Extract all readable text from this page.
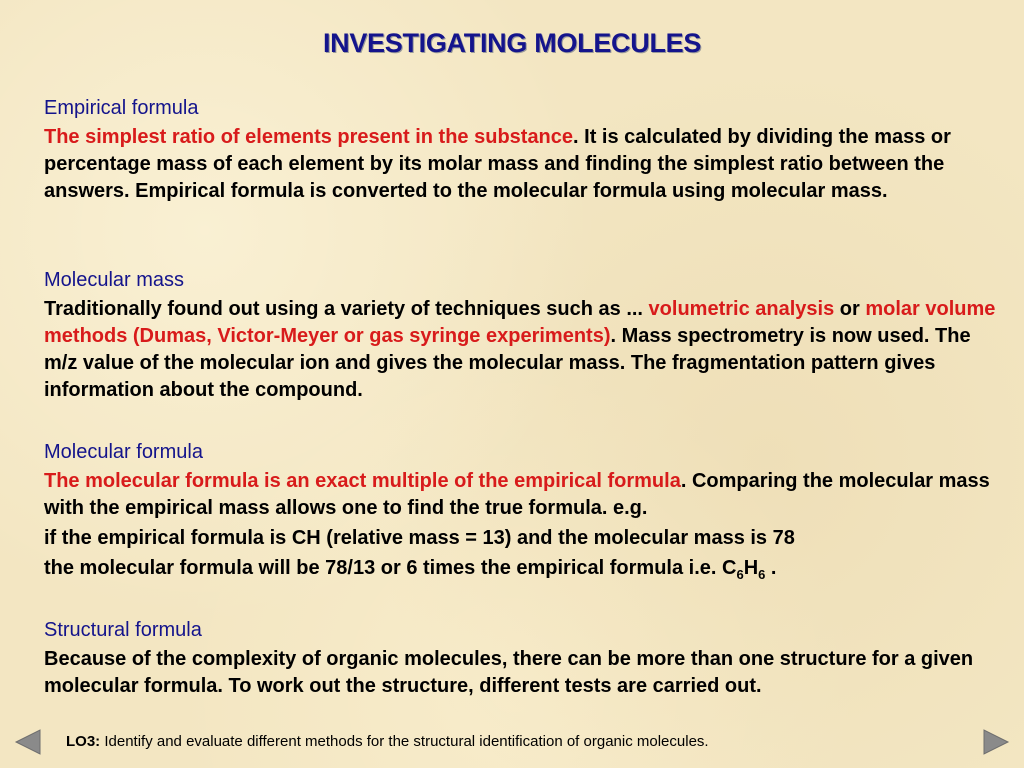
INVESTIGATING MOLECULES
Empirical formula
The simplest ratio of elements present in the substance. It is calculated by dividing the mass or percentage mass of each element by its molar mass and finding the simplest ratio between the answers. Empirical formula is converted to the molecular formula using molecular mass.
Molecular mass
Traditionally found out using a variety of techniques such as ... volumetric analysis or molar volume methods (Dumas, Victor-Meyer or gas syringe experiments). Mass spectrometry is now used. The m/z value of the molecular ion and gives the molecular mass. The fragmentation pattern gives information about the compound.
Molecular formula
The molecular formula is an exact multiple of the empirical formula. Comparing the molecular mass with the empirical mass allows one to find the true formula. e.g.
if the empirical formula is CH (relative mass = 13) and the molecular mass is 78
the molecular formula will be 78/13 or 6 times the empirical formula i.e. $C_6H_6$ .
Structural formula
Because of the complexity of organic molecules, there can be more than one structure for a given molecular formula. To work out the structure, different tests are carried out.
LO3: Identify and evaluate different methods for the structural identification of organic molecules.
